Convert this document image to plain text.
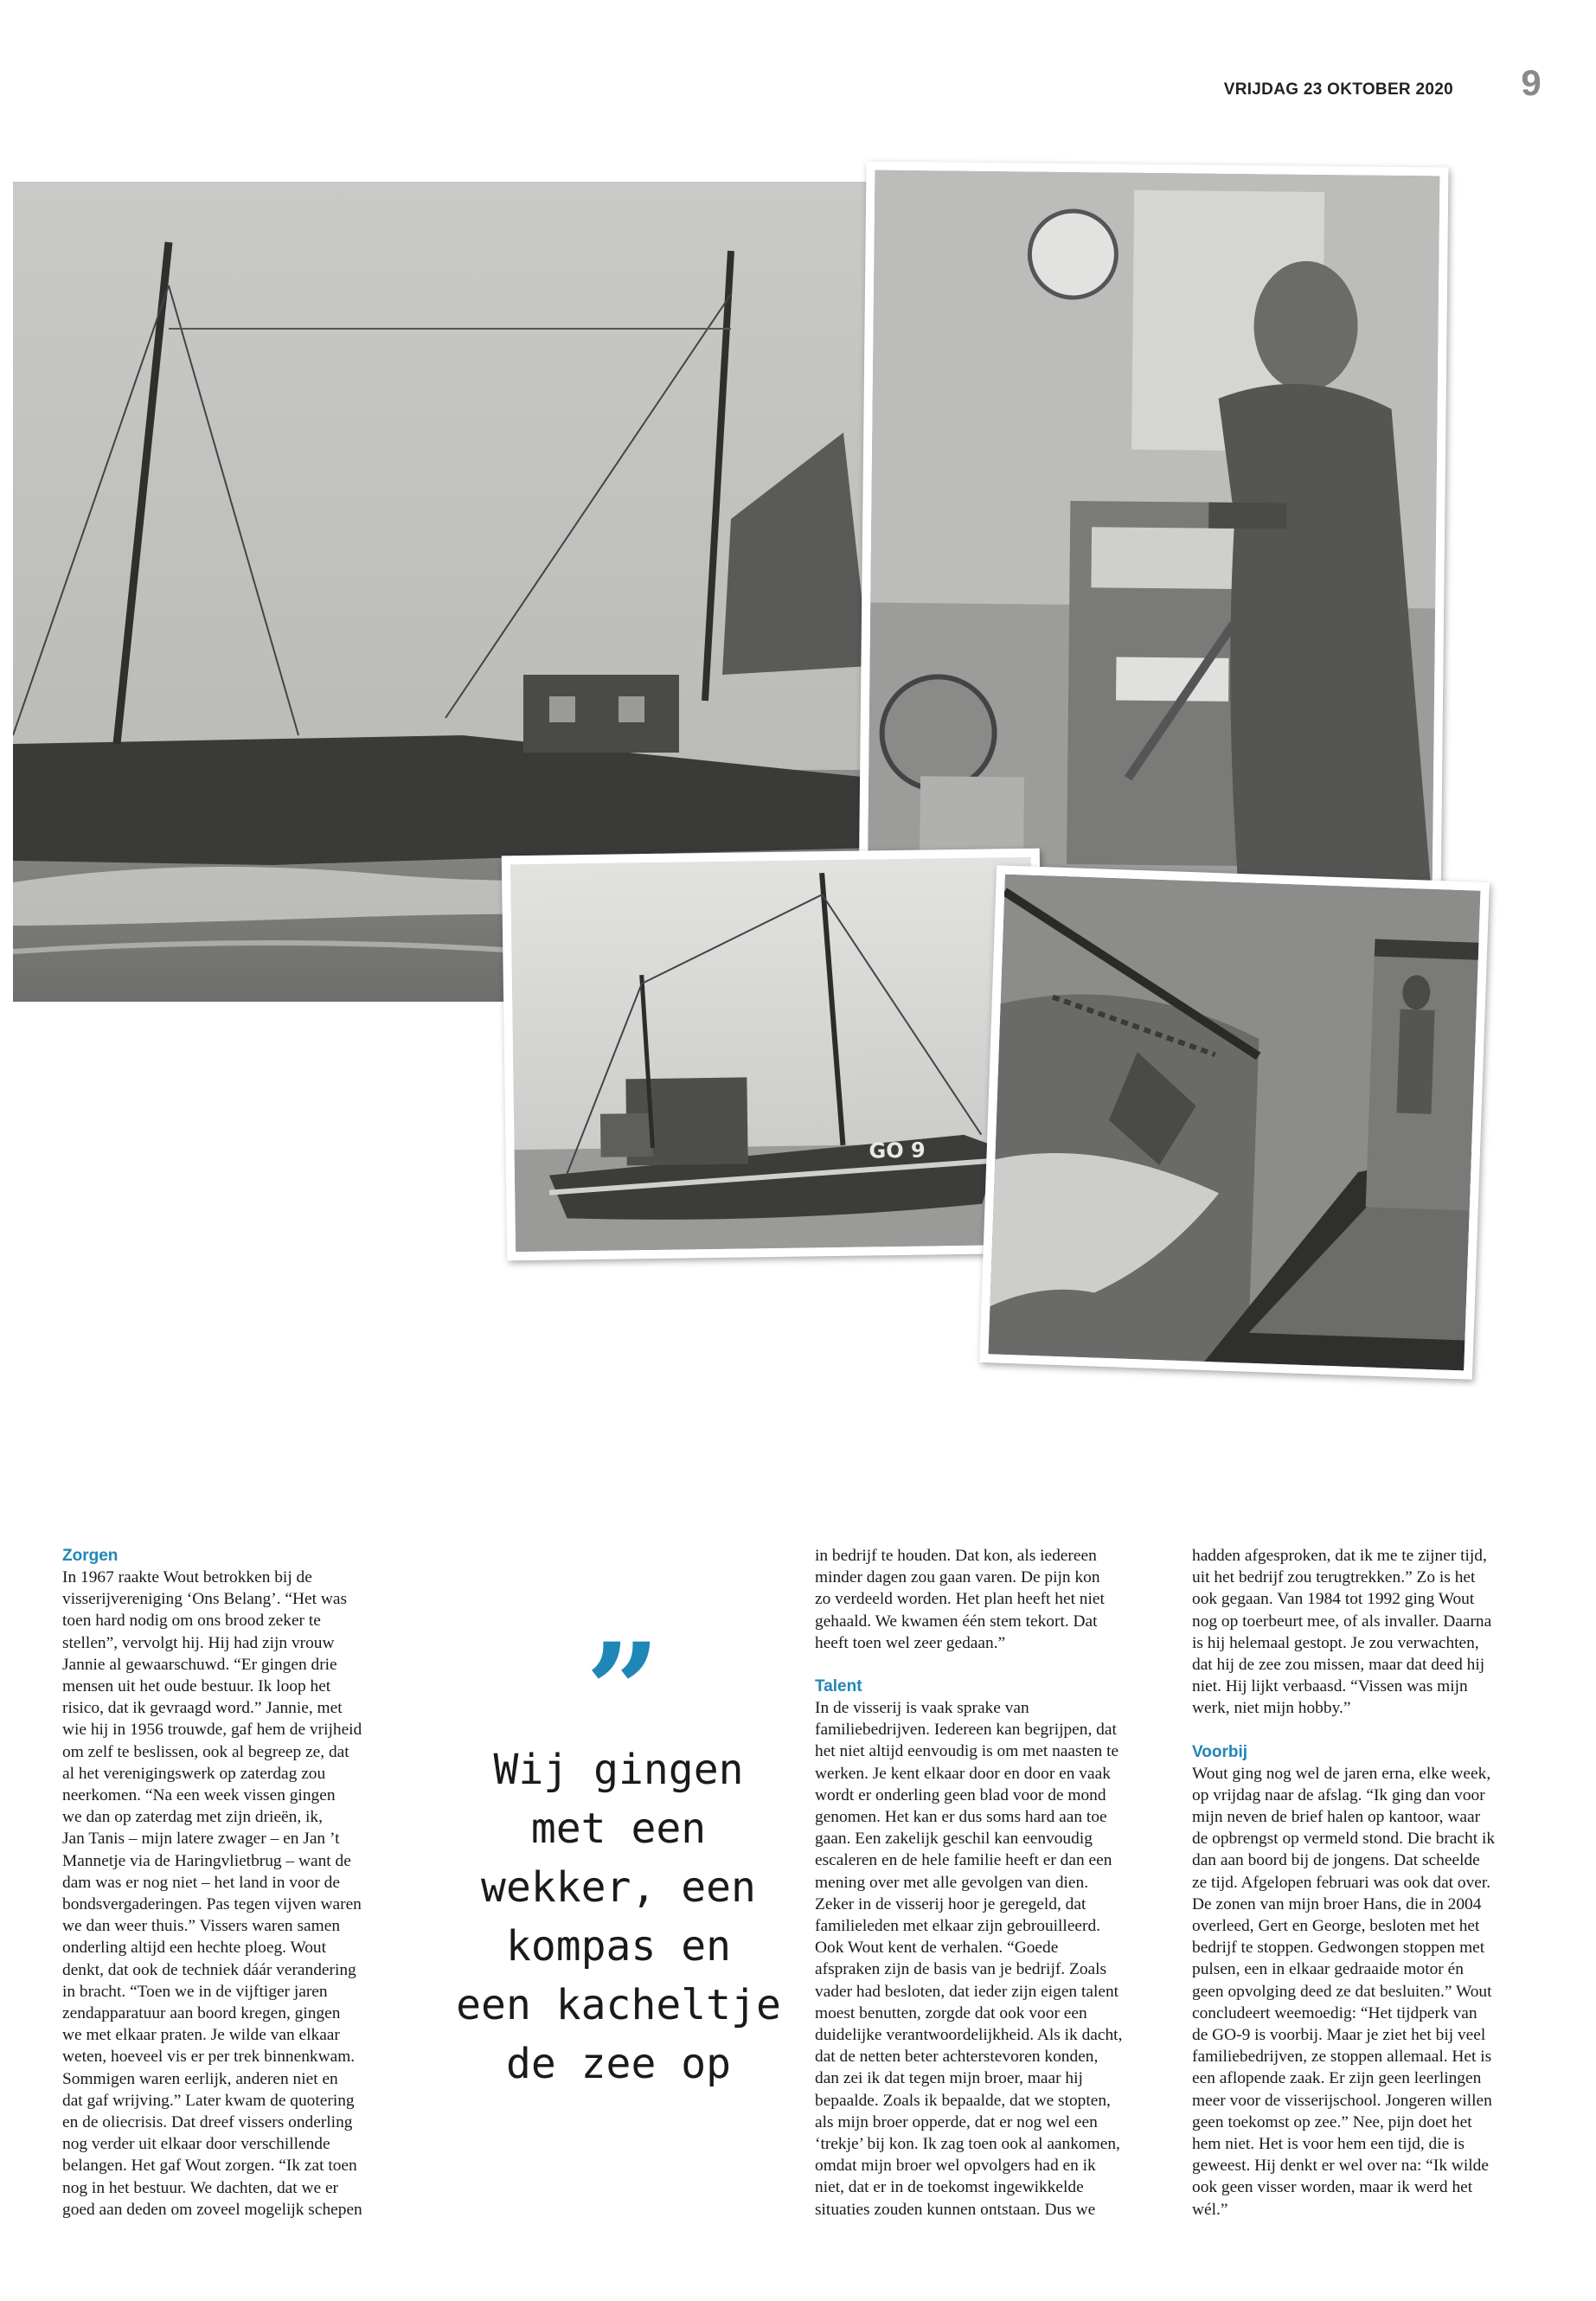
VRIJDAG 23 OKTOBER 2020	9
GO 9

Zorgen

In 1967 raakte Wout betrokken bij de

visserijvereniging ‘Ons Belang’. “Het was

toen hard nodig om ons brood zeker te

stellen”, vervolgt hij. Hij had zijn vrouw

Jannie al gewaarschuwd. “Er gingen drie

mensen uit het oude bestuur. Ik loop het

risico, dat ik gevraagd word.” Jannie, met

wie hij in 1956 trouwde, gaf hem de vrijheid

om zelf te beslissen, ook al begreep ze, dat

al het verenigingswerk op zaterdag zou

neerkomen. “Na een week vissen gingen

we dan op zaterdag met zijn drieën, ik,

Jan Tanis – mijn latere zwager – en Jan ’t

Mannetje via de Haringvlietbrug – want de

dam was er nog niet – het land in voor de

bondsvergaderingen. Pas tegen vijven waren

we dan weer thuis.” Vissers waren samen

onderling altijd een hechte ploeg. Wout

denkt, dat ook de techniek dáár verandering

in bracht. “Toen we in de vijftiger jaren

zendapparatuur aan boord kregen, gingen

we met elkaar praten. Je wilde van elkaar

weten, hoeveel vis er per trek binnenkwam.

Sommigen waren eerlijk, anderen niet en

dat gaf wrijving.” Later kwam de quotering

en de oliecrisis. Dat dreef vissers onderling

nog verder uit elkaar door verschillende

belangen. Het gaf Wout zorgen. “Ik zat toen

nog in het bestuur. We dachten, dat we er

goed aan deden om zoveel mogelijk schepen

”
Wij gingen
met een
wekker, een
kompas en
een kacheltje
de zee op

in bedrijf te houden. Dat kon, als iedereen

minder dagen zou gaan varen. De pijn kon

zo verdeeld worden. Het plan heeft het niet

gehaald. We kwamen één stem tekort. Dat

heeft toen wel zeer gedaan.”

Talent

In de visserij is vaak sprake van

familiebedrijven. Iedereen kan begrijpen, dat

het niet altijd eenvoudig is om met naasten te

werken. Je kent elkaar door en door en vaak

wordt er onderling geen blad voor de mond

genomen. Het kan er dus soms hard aan toe

gaan. Een zakelijk geschil kan eenvoudig

escaleren en de hele familie heeft er dan een

mening over met alle gevolgen van dien.

Zeker in de visserij hoor je geregeld, dat

familieleden met elkaar zijn gebrouilleerd.

Ook Wout kent de verhalen. “Goede

afspraken zijn de basis van je bedrijf. Zoals

vader had besloten, dat ieder zijn eigen talent

moest benutten, zorgde dat ook voor een

duidelijke verantwoordelijkheid. Als ik dacht,

dat de netten beter achterstevoren konden,

dan zei ik dat tegen mijn broer, maar hij

bepaalde. Zoals ik bepaalde, dat we stopten,

als mijn broer opperde, dat er nog wel een

‘trekje’ bij kon. Ik zag toen ook al aankomen,

omdat mijn broer wel opvolgers had en ik

niet, dat er in de toekomst ingewikkelde

situaties zouden kunnen ontstaan. Dus we

hadden afgesproken, dat ik me te zijner tijd,

uit het bedrijf zou terugtrekken.” Zo is het

ook gegaan. Van 1984 tot 1992 ging Wout

nog op toerbeurt mee, of als invaller. Daarna

is hij helemaal gestopt. Je zou verwachten,

dat hij de zee zou missen, maar dat deed hij

niet. Hij lijkt verbaasd. “Vissen was mijn

werk, niet mijn hobby.”

Voorbij

Wout ging nog wel de jaren erna, elke week,

op vrijdag naar de afslag. “Ik ging dan voor

mijn neven de brief halen op kantoor, waar

de opbrengst op vermeld stond. Die bracht ik

dan aan boord bij de jongens. Dat scheelde

ze tijd. Afgelopen februari was ook dat over.

De zonen van mijn broer Hans, die in 2004

overleed, Gert en George, besloten met het

bedrijf te stoppen. Gedwongen stoppen met

pulsen, een in elkaar gedraaide motor én

geen opvolging deed ze dat besluiten.” Wout

concludeert weemoedig: “Het tijdperk van

de GO-9 is voorbij. Maar je ziet het bij veel

familiebedrijven, ze stoppen allemaal. Het is

een aflopende zaak. Er zijn geen leerlingen

meer voor de visserijschool. Jongeren willen

geen toekomst op zee.” Nee, pijn doet het

hem niet. Het is voor hem een tijd, die is

geweest. Hij denkt er wel over na: “Ik wilde

ook geen visser worden, maar ik werd het

wél.”
